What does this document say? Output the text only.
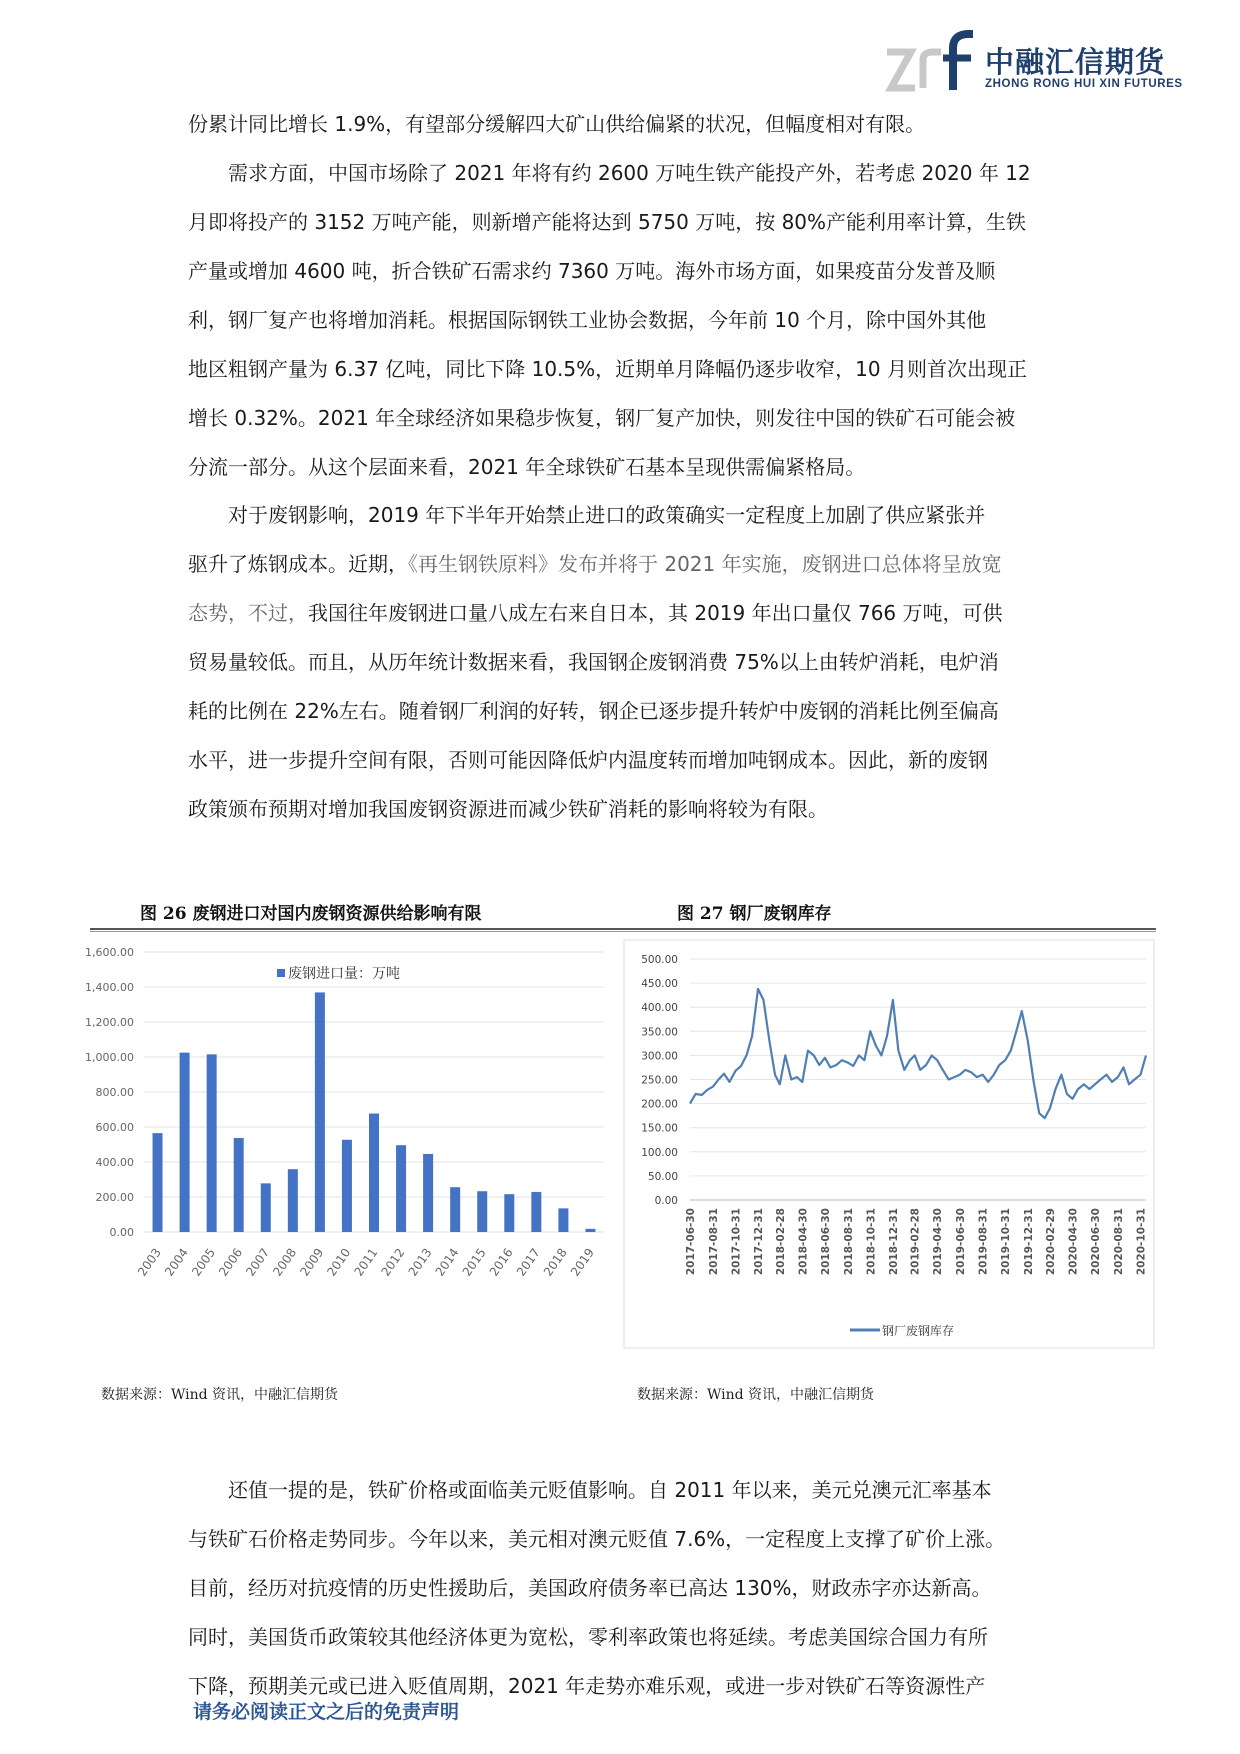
中融汇信期货
ZHONG RONG HUI XIN FUTURES

份累计同比增长 1.9%，有望部分缓解四大矿山供给偏紧的状况，但幅度相对有限。

需求方面，中国市场除了 2021 年将有约 2600 万吨生铁产能投产外，若考虑 2020 年 12
月即将投产的 3152 万吨产能，则新增产能将达到 5750 万吨，按 80%产能利用率计算，生铁
产量或增加 4600 吨，折合铁矿石需求约 7360 万吨。海外市场方面，如果疫苗分发普及顺
利，钢厂复产也将增加消耗。根据国际钢铁工业协会数据，今年前 10 个月，除中国外其他
地区粗钢产量为 6.37 亿吨，同比下降 10.5%，近期单月降幅仍逐步收窄，10 月则首次出现正
增长 0.32%。2021 年全球经济如果稳步恢复，钢厂复产加快，则发往中国的铁矿石可能会被
分流一部分。从这个层面来看，2021 年全球铁矿石基本呈现供需偏紧格局。

对于废钢影响，2019 年下半年开始禁止进口的政策确实一定程度上加剧了供应紧张并
驱升了炼钢成本。近期，《再生钢铁原料》发布并将于 2021 年实施，废钢进口总体将呈放宽
态势，不过，我国往年废钢进口量八成左右来自日本，其 2019 年出口量仅 766 万吨，可供
贸易量较低。而且，从历年统计数据来看，我国钢企废钢消费 75%以上由转炉消耗，电炉消
耗的比例在 22%左右。随着钢厂利润的好转，钢企已逐步提升转炉中废钢的消耗比例至偏高
水平，进一步提升空间有限，否则可能因降低炉内温度转而增加吨钢成本。因此，新的废钢
政策颁布预期对增加我国废钢资源进而减少铁矿消耗的影响将较为有限。

图 26 废钢进口对国内废钢资源供给影响有限	图 27 钢厂废钢库存
1,600.00
1,400.00
1,200.00
1,000.00
800.00
600.00
400.00
200.00
0.00
2003
2004
2005
2006
2007
2008
2009
2010
2011
2012
2013
2014
2015
2016
2017
2018
2019
废钢进口量：万吨
500.00
450.00
400.00
350.00
300.00
250.00
200.00
150.00
100.00
50.00
0.00
2017-06-30 2017-08-31 2017-10-31 2017-12-31 2018-02-28 2018-04-30 2018-06-30 2018-08-31 2018-10-31 2018-12-31 2019-02-28 2019-04-30 2019-06-30 2019-08-31 2019-10-31 2019-12-31 2020-02-29 2020-04-30 2020-06-30 2020-08-31 2020-10-31
钢厂废钢库存
数据来源：Wind 资讯，中融汇信期货	数据来源：Wind 资讯，中融汇信期货

还值一提的是，铁矿价格或面临美元贬值影响。自 2011 年以来，美元兑澳元汇率基本
与铁矿石价格走势同步。今年以来，美元相对澳元贬值 7.6%，一定程度上支撑了矿价上涨。
目前，经历对抗疫情的历史性援助后，美国政府债务率已高达 130%，财政赤字亦达新高。
同时，美国货币政策较其他经济体更为宽松，零利率政策也将延续。考虑美国综合国力有所
下降，预期美元或已进入贬值周期，2021 年走势亦难乐观，或进一步对铁矿石等资源性产

请务必阅读正文之后的免责声明
